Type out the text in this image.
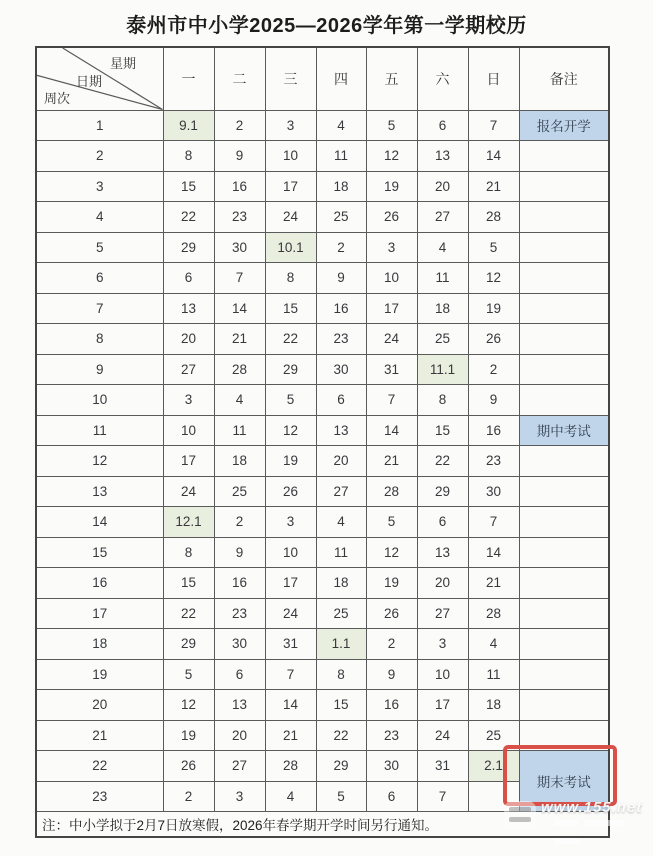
泰州市中小学2025—2026学年第一学期校历
星期
日期
周次	一	二	三	四	五	六	日	备注
1	9.1	2	3	4	5	6	7	报名开学
2	8	9	10	11	12	13	14	
3	15	16	17	18	19	20	21	
4	22	23	24	25	26	27	28	
5	29	30	10.1	2	3	4	5	
6	6	7	8	9	10	11	12	
7	13	14	15	16	17	18	19	
8	20	21	22	23	24	25	26	
9	27	28	29	30	31	11.1	2	
10	3	4	5	6	7	8	9	
11	10	11	12	13	14	15	16	期中考试
12	17	18	19	20	21	22	23	
13	24	25	26	27	28	29	30	
14	12.1	2	3	4	5	6	7	
15	8	9	10	11	12	13	14	
16	15	16	17	18	19	20	21	
17	22	23	24	25	26	27	28	
18	29	30	31	1.1	2	3	4	
19	5	6	7	8	9	10	11	
20	12	13	14	15	16	17	18	
21	19	20	21	22	23	24	25	
22	26	27	28	29	30	31	2.1	期末考试
23	2	3	4	5	6	7		
注：中小学拟于2月7日放寒假，2026年春学期开学时间另行通知。								
www.155.net
